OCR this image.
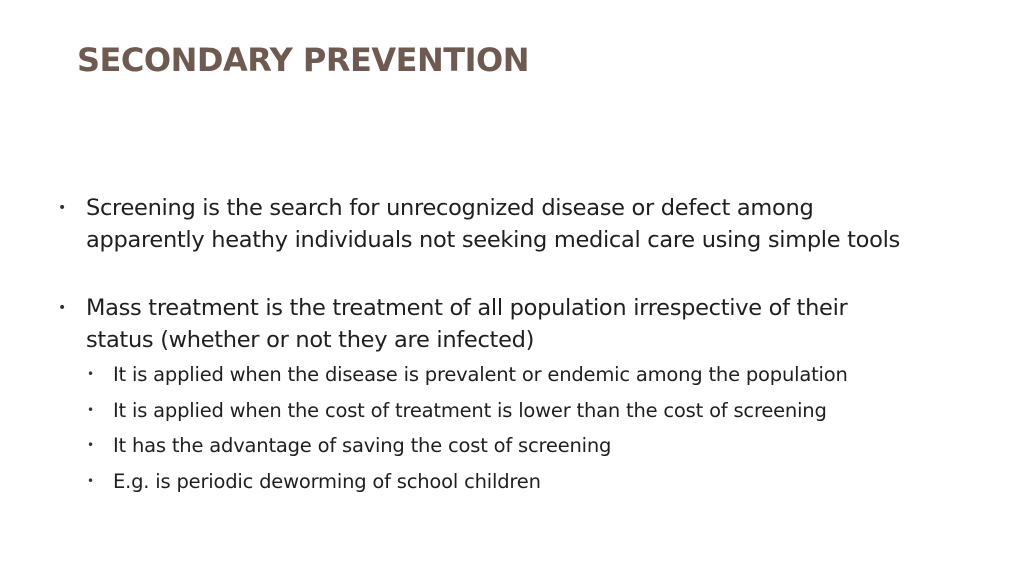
SECONDARY PREVENTION
• Screening is the search for unrecognized disease or defect among
apparently heathy individuals not seeking medical care using simple tools
• Mass treatment is the treatment of all population irrespective of their
status (whether or not they are infected)
• It is applied when the disease is prevalent or endemic among the population
• It is applied when the cost of treatment is lower than the cost of screening
• It has the advantage of saving the cost of screening
• E.g. is periodic deworming of school children
